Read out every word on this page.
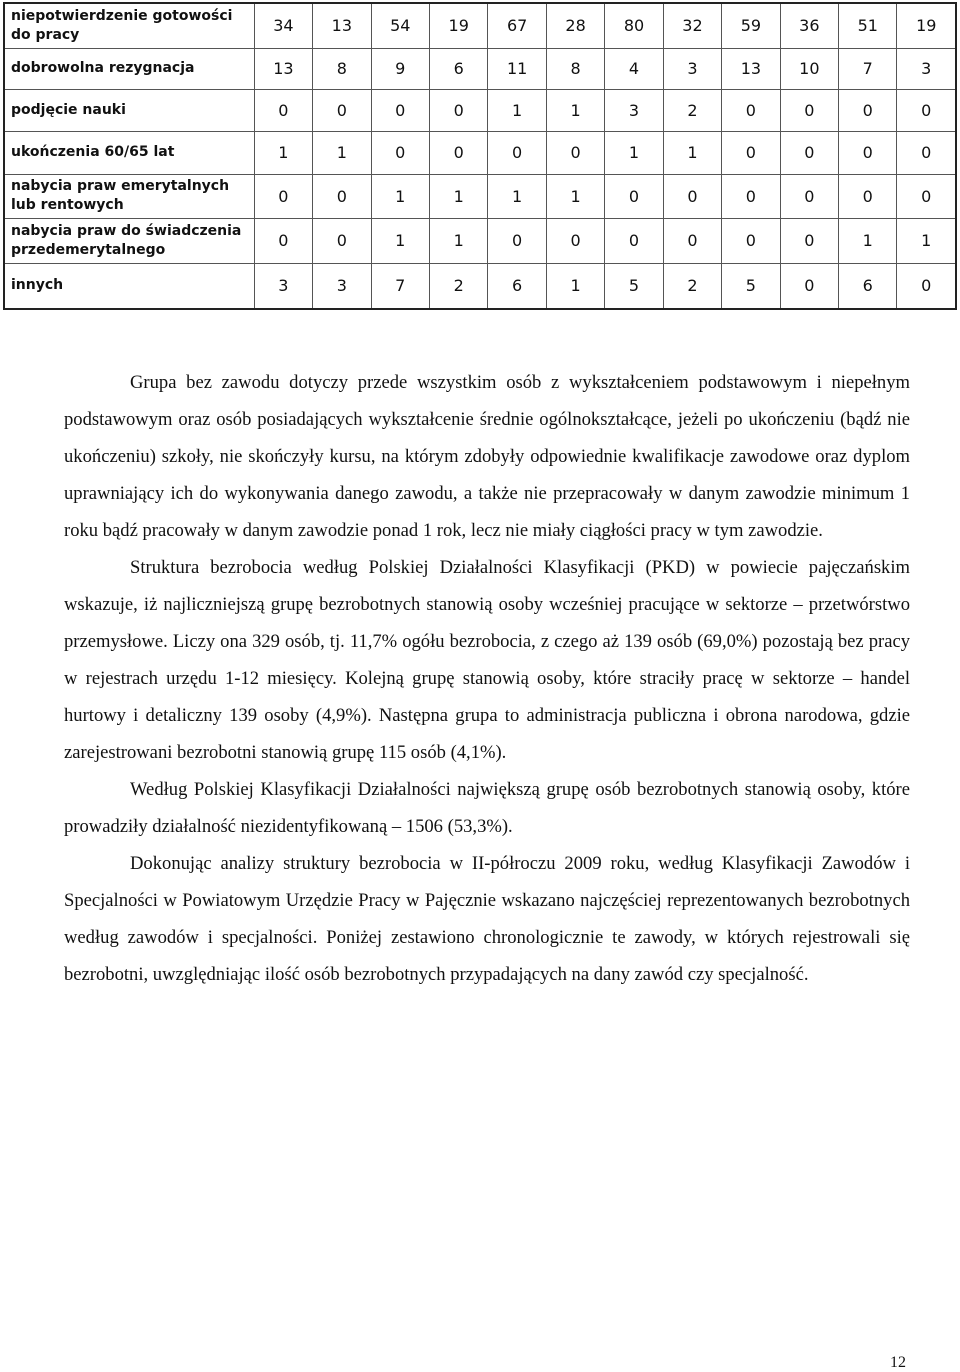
niepotwierdzenie gotowości do pracy	34	13	54	19	67	28	80	32	59	36	51	19
dobrowolna rezygnacja	13	8	9	6	11	8	4	3	13	10	7	3
podjęcie nauki	0	0	0	0	1	1	3	2	0	0	0	0
ukończenia 60/65 lat	1	1	0	0	0	0	1	1	0	0	0	0
nabycia praw emerytalnych lub rentowych	0	0	1	1	1	1	0	0	0	0	0	0
nabycia praw do świadczenia przedemerytalnego	0	0	1	1	0	0	0	0	0	0	1	1
innych	3	3	7	2	6	1	5	2	5	0	6	0

Grupa bez zawodu dotyczy przede wszystkim osób z wykształceniem podstawowym i niepełnym podstawowym oraz osób posiadających wykształcenie średnie ogólnokształcące, jeżeli po ukończeniu (bądź nie ukończeniu) szkoły, nie skończyły kursu, na którym zdobyły odpowiednie kwalifikacje zawodowe oraz dyplom uprawniający ich do wykonywania danego zawodu, a także nie przepracowały w danym zawodzie minimum 1 roku bądź pracowały w danym zawodzie ponad 1 rok, lecz nie miały ciągłości pracy w tym zawodzie.

Struktura bezrobocia według Polskiej Działalności Klasyfikacji (PKD) w powiecie pajęczańskim wskazuje, iż najliczniejszą grupę bezrobotnych stanowią osoby wcześniej pracujące w sektorze – przetwórstwo przemysłowe. Liczy ona 329 osób, tj. 11,7% ogółu bezrobocia, z czego aż 139 osób (69,0%) pozostają bez pracy w rejestrach urzędu 1-12 miesięcy. Kolejną grupę stanowią osoby, które straciły pracę w sektorze – handel hurtowy i detaliczny 139 osoby (4,9%). Następna grupa to administracja publiczna i obrona narodowa, gdzie zarejestrowani bezrobotni stanowią grupę 115 osób (4,1%).

Według Polskiej Klasyfikacji Działalności największą grupę osób bezrobotnych stanowią osoby, które prowadziły działalność niezidentyfikowaną – 1506 (53,3%).

Dokonując analizy struktury bezrobocia w II-półroczu 2009 roku, według Klasyfikacji Zawodów i Specjalności w Powiatowym Urzędzie Pracy w Pajęcznie wskazano najczęściej reprezentowanych bezrobotnych według zawodów i specjalności. Poniżej zestawiono chronologicznie te zawody, w których rejestrowali się bezrobotni, uwzględniając ilość osób bezrobotnych przypadających na dany zawód czy specjalność.

12
